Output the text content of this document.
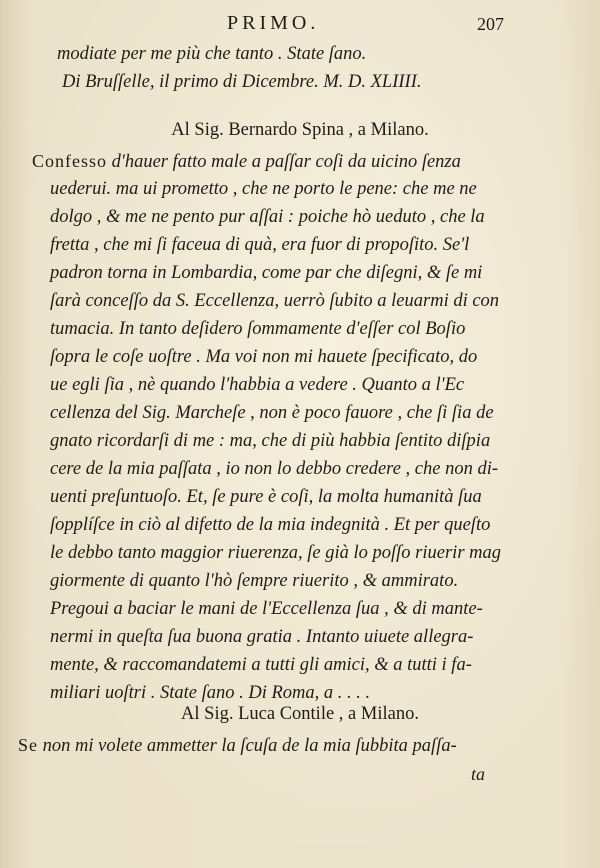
PRIMO.	207
modiate per me più che tanto . State ſano.
Di Bruſſelle, il primo di Dicembre. M. D. XLIIII.
Al Sig. Bernardo Spina , a Milano.
Confesso d'hauer fatto male a paſſar coſi da uicino ſenza
uederui. ma ui prometto , che ne porto le pene: che me ne
dolgo , & me ne pento pur aſſai : poiche hò ueduto , che la
fretta , che mi ſi faceua di quà, era fuor di propoſito. Se'l
padron torna in Lombardia, come par che diſegni, & ſe mi
ſarà conceſſo da S. Eccellenza, uerrò ſubito a leuarmi di con
tumacia. In tanto deſidero ſommamente d'eſſer col Boſio
ſopra le coſe uoſtre . Ma voi non mi hauete ſpecificato, do
ue egli ſia , nè quando l'habbia a vedere . Quanto a l'Ec
cellenza del Sig. Marcheſe , non è poco fauore , che ſi ſia de
gnato ricordarſi di me : ma, che di più habbia ſentito diſpia
cere de la mia paſſata , io non lo debbo credere , che non di-
uenti preſuntuoſo. Et, ſe pure è coſi, la molta humanità ſua
ſopplíſce in ciò al difetto de la mia indegnità . Et per queſto
le debbo tanto maggior riuerenza, ſe già lo poſſo riuerir mag
giormente di quanto l'hò ſempre riuerito , & ammirato.
Pregoui a baciar le mani de l'Eccellenza ſua , & di mante-
nermi in queſta ſua buona gratia . Intanto uiuete allegra-
mente, & raccomandatemi a tutti gli amici, & a tutti i fa-
miliari uoſtri . State ſano . Di Roma, a . . . .
Al Sig. Luca Contile , a Milano.
Se non mi volete ammetter la ſcuſa de la mia ſubbita paſſa-
ta
